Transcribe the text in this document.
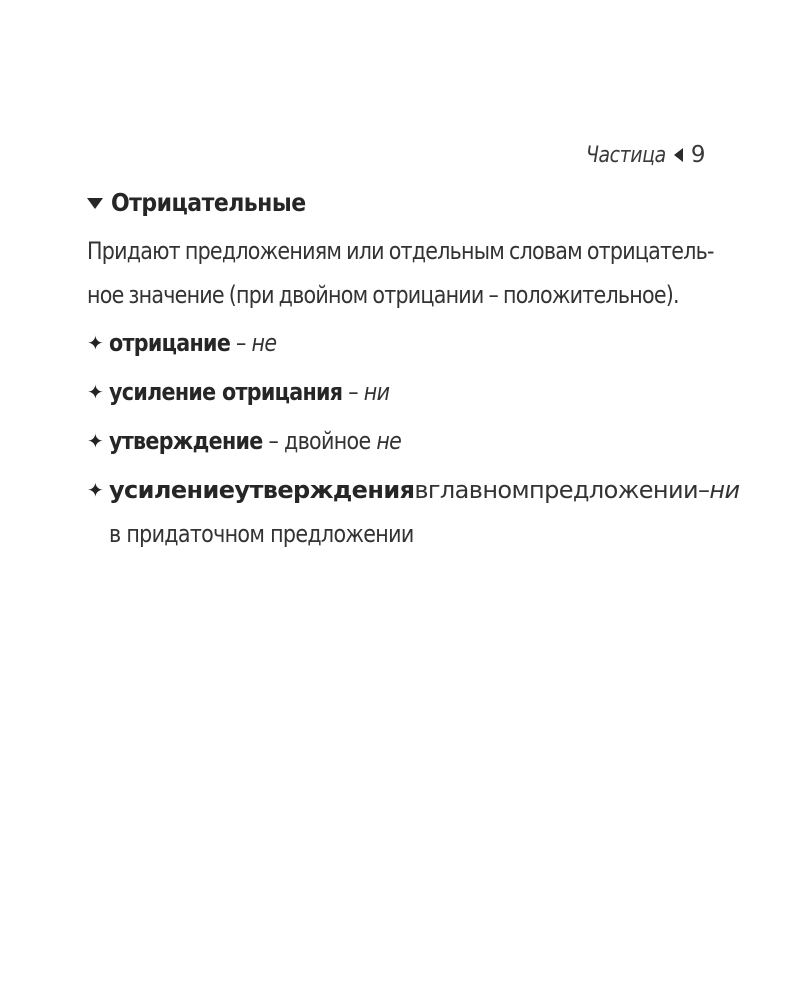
Частица 9
Отрицательные

Придают предложениям или отдельным словам отрицатель-
ное значение (при двойном отрицании – положительное).

✦ отрицание – не
✦ усиление отрицания – ни
✦ утверждение – двойное не
✦ усиление утверждения в главном предложении – ни
в придаточном предложении
